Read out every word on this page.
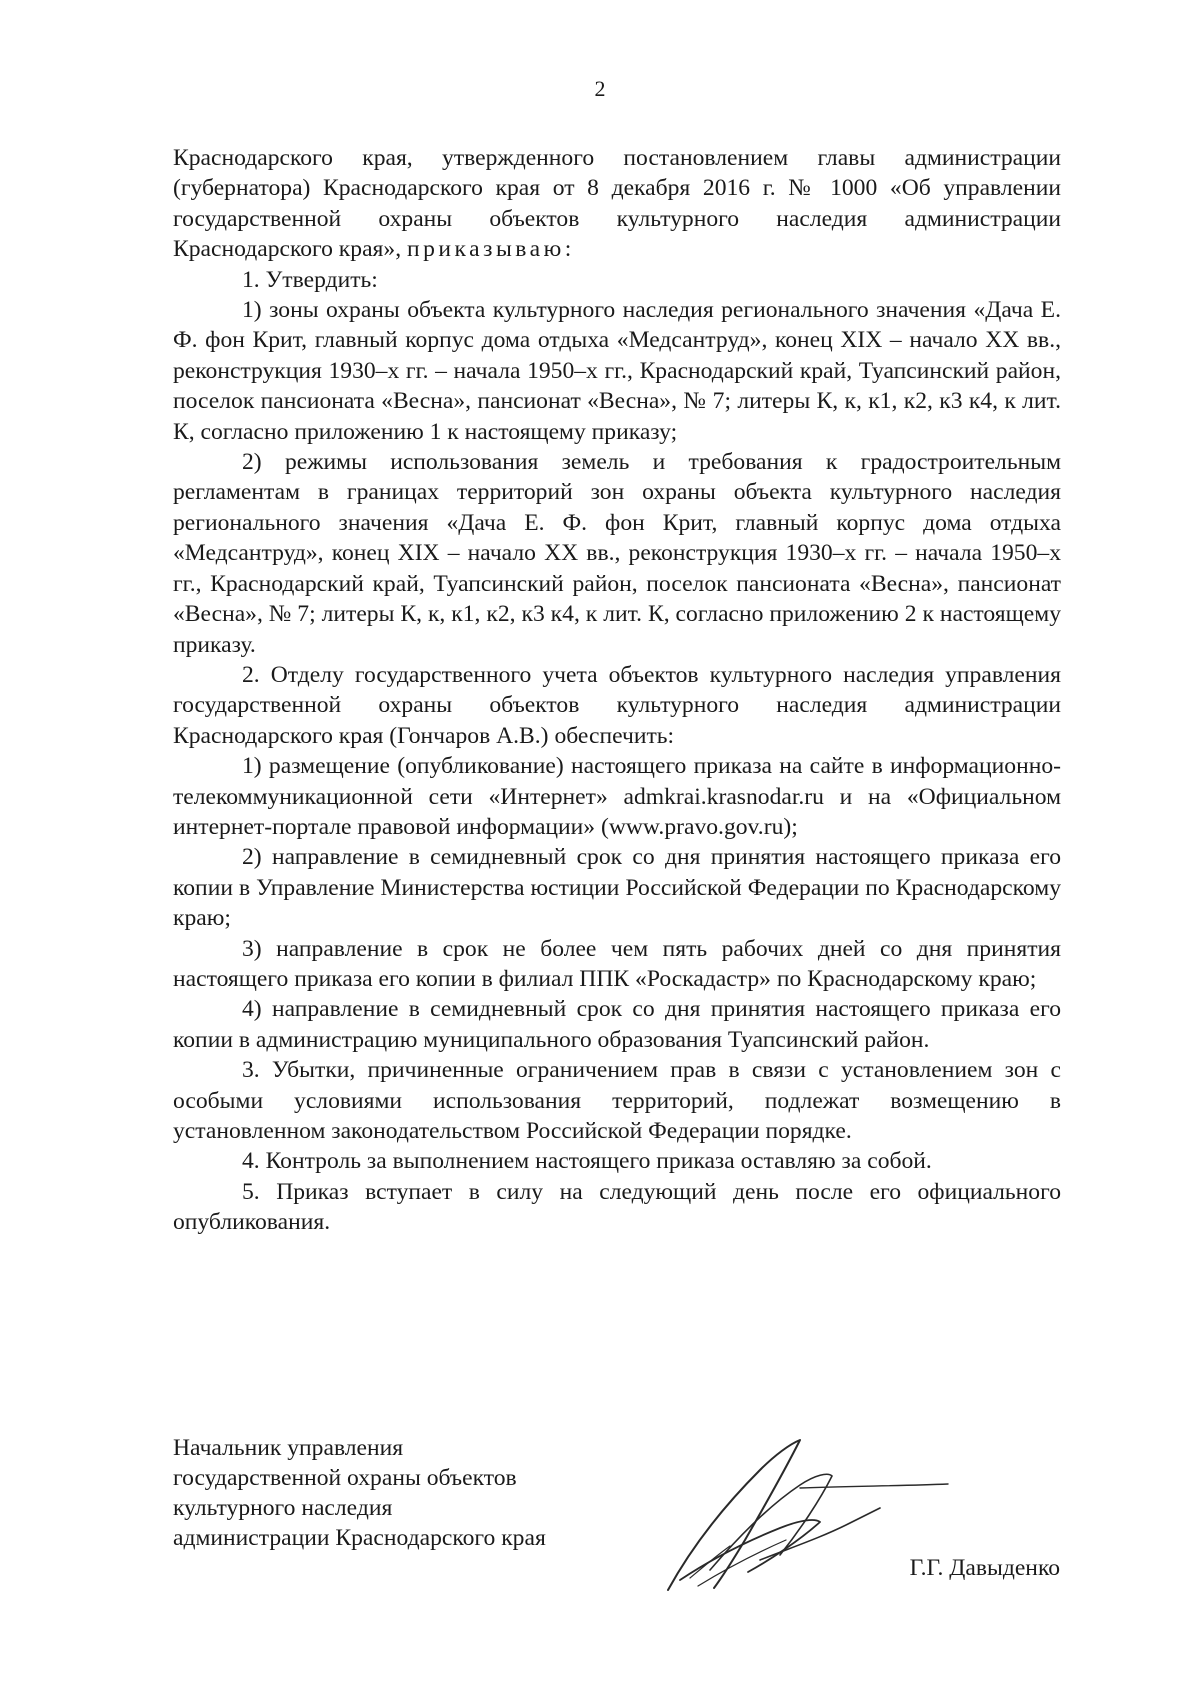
2

Краснодарского края, утвержденного постановлением главы администрации (губернатора) Краснодарского края от 8 декабря 2016 г. № 1000 «Об управлении государственной охраны объектов культурного наследия администрации Краснодарского края», приказываю:

1. Утвердить:

1) зоны охраны объекта культурного наследия регионального значения «Дача Е. Ф. фон Крит, главный корпус дома отдыха «Медсантруд», конец XIX – начало XX вв., реконструкция 1930–х гг. – начала 1950–х гг., Краснодарский край, Туапсинский район, поселок пансионата «Весна», пансионат «Весна», № 7; литеры К, к, к1, к2, к3 к4, к лит. К, согласно приложению 1 к настоящему приказу;

2) режимы использования земель и требования к градостроительным регламентам в границах территорий зон охраны объекта культурного наследия регионального значения «Дача Е. Ф. фон Крит, главный корпус дома отдыха «Медсантруд», конец XIX – начало XX вв., реконструкция 1930–х гг. – начала 1950–х гг., Краснодарский край, Туапсинский район, поселок пансионата «Весна», пансионат «Весна», № 7; литеры К, к, к1, к2, к3 к4, к лит. К, согласно приложению 2 к настоящему приказу.

2. Отделу государственного учета объектов культурного наследия управления государственной охраны объектов культурного наследия администрации Краснодарского края (Гончаров А.В.) обеспечить:

1) размещение (опубликование) настоящего приказа на сайте в информационно-телекоммуникационной сети «Интернет» admkrai.krasnodar.ru и на «Официальном интернет-портале правовой информации» (www.pravo.gov.ru);

2) направление в семидневный срок со дня принятия настоящего приказа его копии в Управление Министерства юстиции Российской Федерации по Краснодарскому краю;

3) направление в срок не более чем пять рабочих дней со дня принятия настоящего приказа его копии в филиал ППК «Роскадастр» по Краснодарскому краю;

4) направление в семидневный срок со дня принятия настоящего приказа его копии в администрацию муниципального образования Туапсинский район.

3. Убытки, причиненные ограничением прав в связи с установлением зон с особыми условиями использования территорий, подлежат возмещению в установленном законодательством Российской Федерации порядке.

4. Контроль за выполнением настоящего приказа оставляю за собой.

5. Приказ вступает в силу на следующий день после его официального опубликования.

Начальник управления
государственной охраны объектов
культурного наследия
администрации Краснодарского края
Г.Г. Давыденко
